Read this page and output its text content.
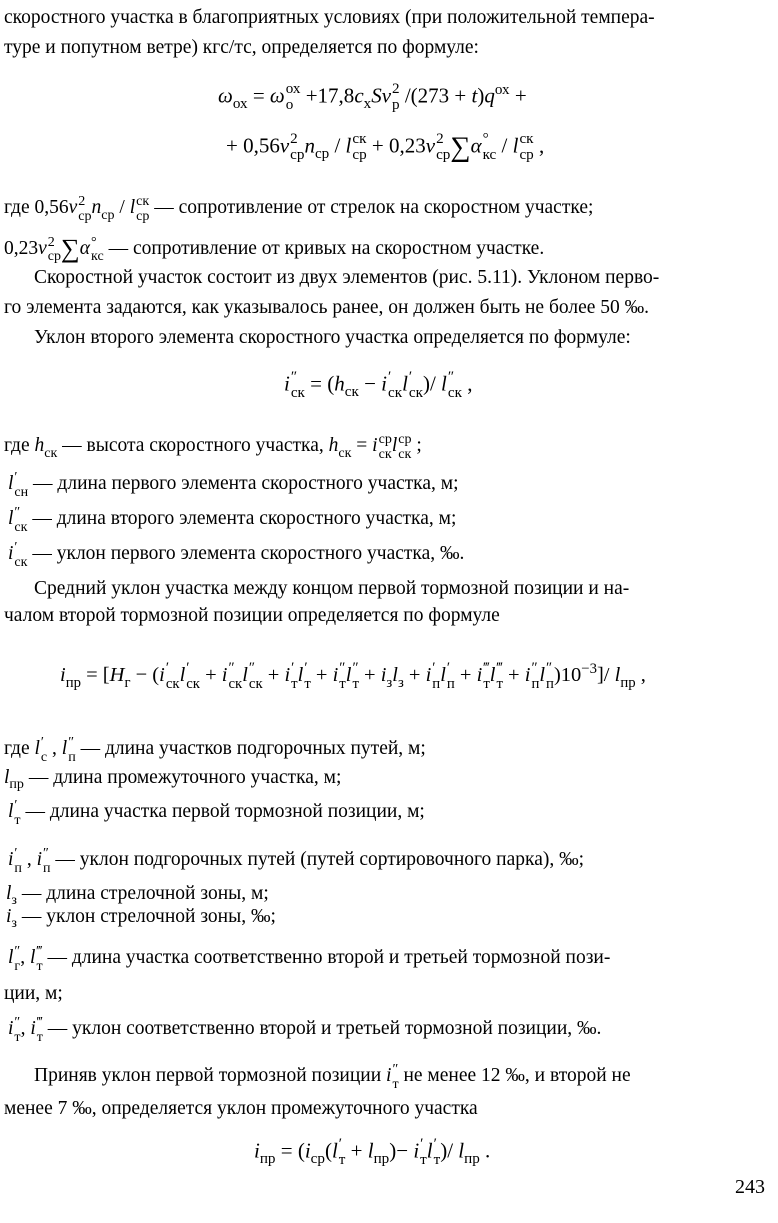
скоростного участка в благоприятных условиях (при положительной темпера-
туре и попутном ветре) кгс/тс, определяется по формуле:
$\omega_{ох} = \omega$ ох
$о +17,8c_хSv$ 2
р $/(273 + t)q^{ох}$ +
+ 0,56v 2
ср $n_{ср}$ / l ск
ср + 0,23v 2
ср ∑α °
кс / l ск
ср ,
где 0,56v 2
ср $n_{ср}$ / l ск
ср — сопротивление от стрелок на скоростном участке;
0,23v 2
ср ∑α °
кс — сопротивление от кривых на скоростном участке.
Скоростной участок состоит из двух элементов (рис. 5.11). Уклоном перво-
го элемента задаются, как указывалось ранее, он должен быть не более 50 ‰.
Уклон второго элемента скоростного участка определяется по формуле:
i ″
ск = ($h_{ск} - i$ ′
ск l ′
ск )/ l ″
ск ,
где $h_{ск}$ — высота скоростного участка, $h_{ск} = i$ ср
ск l ср
ск ;
l ′
сн — длина первого элемента скоростного участка, м;
l ″
ск — длина второго элемента скоростного участка, м;
i ′
ск — уклон первого элемента скоростного участка, ‰.
Средний уклон участка между концом первой тормозной позиции и на-
чалом второй тормозной позиции определяется по формуле
$i_{пр} = [H_г - (i$ ′
ск l ′
ск + i ″
ск l ″
ск + i ′
т l ′
т + i ″
т l ″
$т + i_зl_з + i$ ′
п l ′
п + i ‴
т l ‴
т + i ″
п l ″
п )$10^{-3}]/$ $l_{пр}$ ,
где l ′
с , l ″
п — длина участков подгорочных путей, м;
$l_{пр}$ — длина промежуточного участка, м;
l ′
т — длина участка первой тормозной позиции, м;
i ′
п , i ″
п — уклон подгорочных путей (путей сортировочного парка), ‰;
$l_з$ — длина стрелочной зоны, м;
$i_з$ — уклон стрелочной зоны, ‰;
l ″
г , l ‴
т — длина участка соответственно второй и третьей тормозной пози-
ции, м;
i ″
т , i ‴
т — уклон соответственно второй и третьей тормозной позиции, ‰.
Приняв уклон первой тормозной позиции i ″
т не менее 12 ‰, и второй не
менее 7 ‰, определяется уклон промежуточного участка
$i_{пр} = (i_{ср}(l$ ′
$т + l_{пр})- i$ ′
т l ′
т )/ $l_{пр}$ .
243
